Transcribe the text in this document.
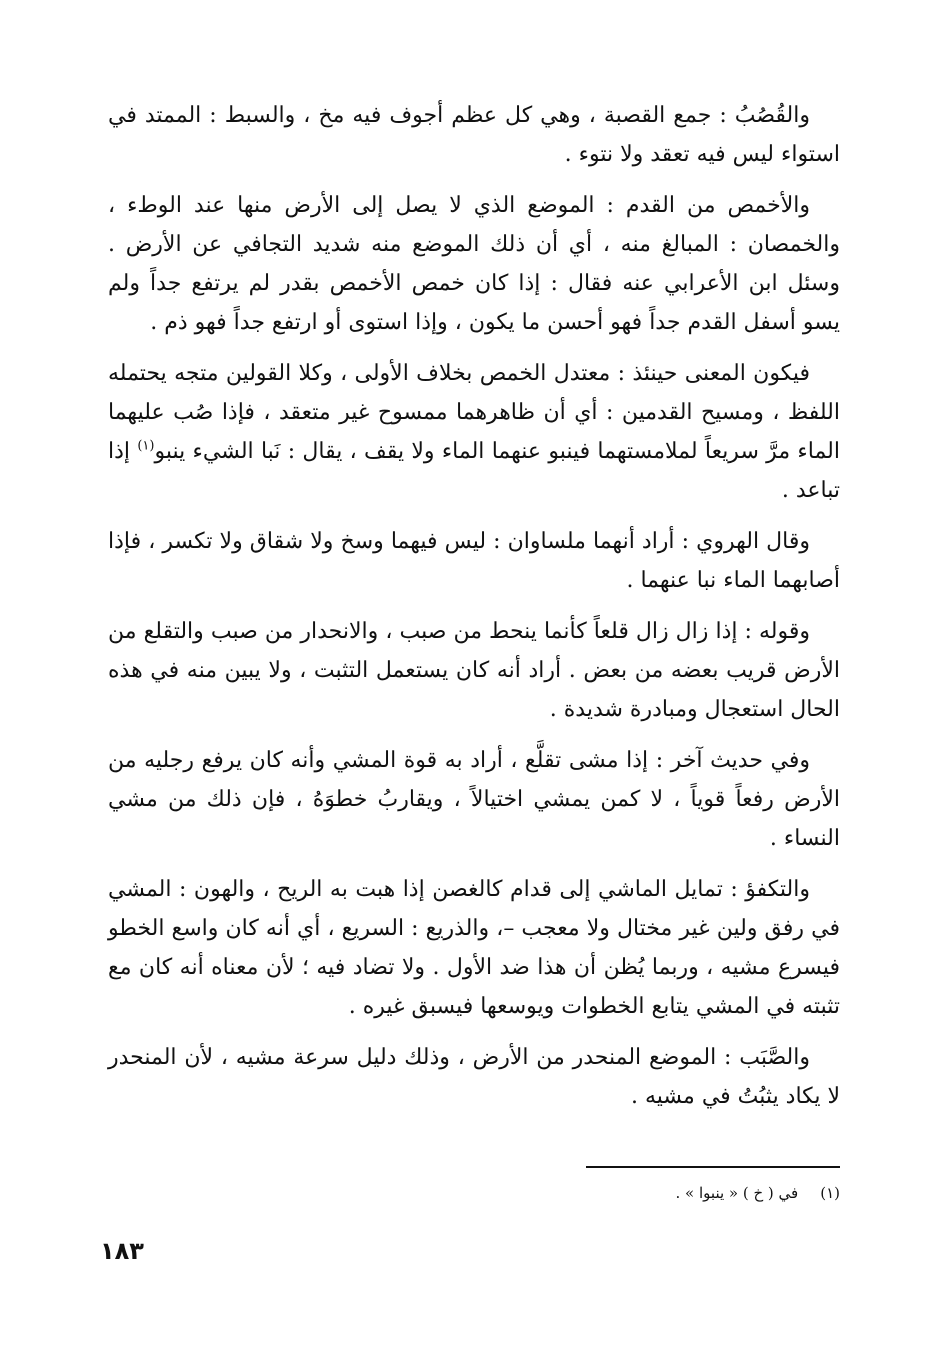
والقُصُبُ : جمع القصبة ، وهي كل عظم أجوف فيه مخ ، والسبط : الممتد في استواء ليس فيه تعقد ولا نتوء .

والأخمص من القدم : الموضع الذي لا يصل إلى الأرض منها عند الوطء ، والخمصان : المبالغ منه ، أي أن ذلك الموضع منه شديد التجافي عن الأرض . وسئل ابن الأعرابي عنه فقال : إذا كان خمص الأخمص بقدر لم يرتفع جداً ولم يسو أسفل القدم جداً فهو أحسن ما يكون ، وإذا استوى أو ارتفع جداً فهو ذم .

فيكون المعنى حينئذ : معتدل الخمص بخلاف الأولى ، وكلا القولين متجه يحتمله اللفظ ، ومسيح القدمين : أي أن ظاهرهما ممسوح غير متعقد ، فإذا صُب عليهما الماء مرَّ سريعاً لملامستهما فينبو عنهما الماء ولا يقف ، يقال : نَبا الشيء ينبو$^{(١)}$ إذا تباعد .

وقال الهروي : أراد أنهما ملساوان : ليس فيهما وسخ ولا شقاق ولا تكسر ، فإذا أصابهما الماء نبا عنهما .

وقوله : إذا زال زال قلعاً كأنما ينحط من صبب ، والانحدار من صبب والتقلع من الأرض قريب بعضه من بعض . أراد أنه كان يستعمل التثبت ، ولا يبين منه في هذه الحال استعجال ومبادرة شديدة .

وفي حديث آخر : إذا مشى تقلَّع ، أراد به قوة المشي وأنه كان يرفع رجليه من الأرض رفعاً قوياً ، لا كمن يمشي اختيالاً ، ويقاربُ خطوَهُ ، فإن ذلك من مشي النساء .

والتكفؤ : تمايل الماشي إلى قدام كالغصن إذا هبت به الريح ، والهون : المشي في رفق ولين غير مختال ولا معجب –، والذريع : السريع ، أي أنه كان واسع الخطو فيسرع مشيه ، وربما يُظن أن هذا ضد الأول . ولا تضاد فيه ؛ لأن معناه أنه كان مع تثبته في المشي يتابع الخطوات ويوسعها فيسبق غيره .

والصَّبَب : الموضع المنحدر من الأرض ، وذلك دليل سرعة مشيه ، لأن المنحدر لا يكاد يثبُتُ في مشيه .

(١)في ( خ ) « ينبوا » .
١٨٣
